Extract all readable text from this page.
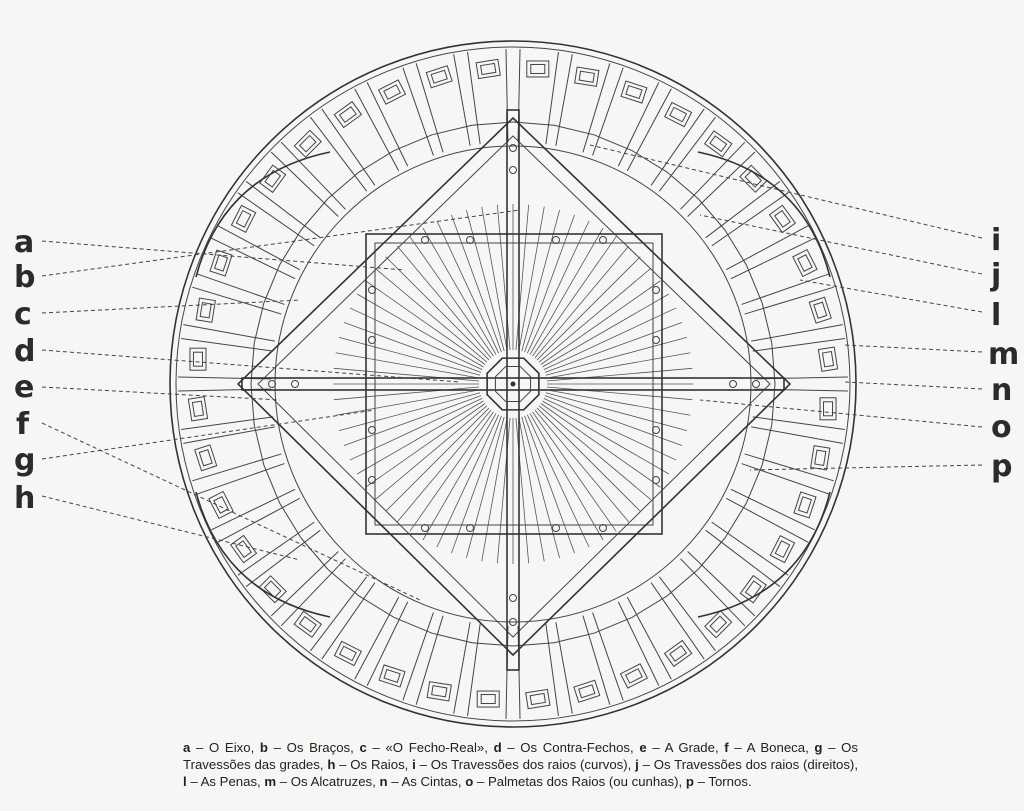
a
b
c
d
e
f
g
h
i
j
l
m
n
o
p
a – O Eixo, b – Os Braços, c – «O Fecho-Real», d – Os Contra-Fechos, e – A Grade, f – A Boneca, g – Os Travessões das grades, h – Os Raios, i – Os Travessões dos raios (curvos), j – Os Travessões dos raios (direitos), l – As Penas, m – Os Alcatruzes, n – As Cintas, o – Palmetas dos Raios (ou cunhas), p – Tornos.
